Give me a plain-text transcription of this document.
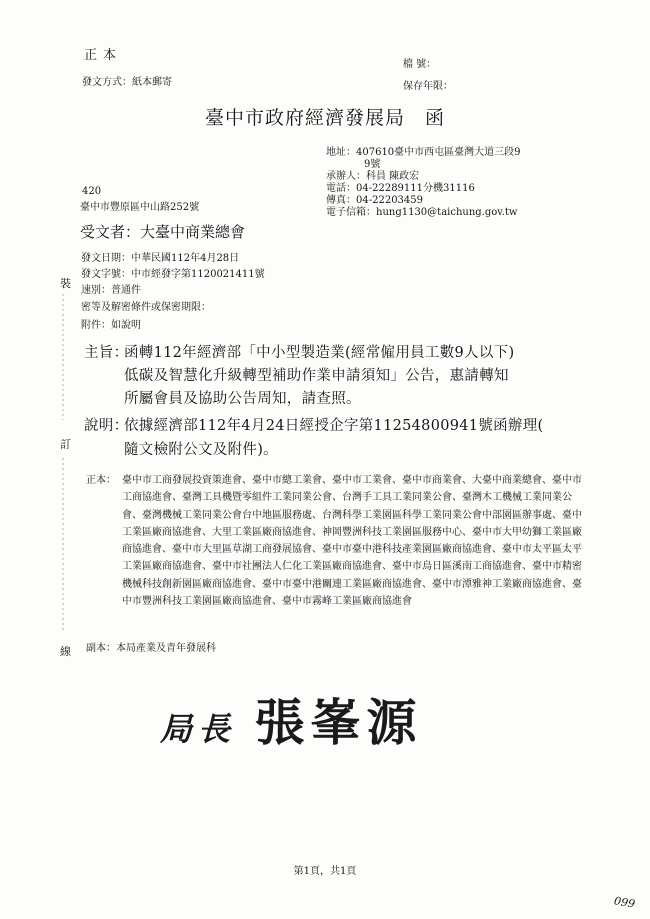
正本
發文方式：紙本郵寄
檔 號：
保存年限：
臺中市政府經濟發展局　函
地址：407610臺中市西屯區臺灣大道三段9
9號
承辦人：科員 陳政宏
電話：04-22289111分機31116
傳真：04-22203459
電子信箱：hung1130@taichung.gov.tw
420
臺中市豐原區中山路252號
受文者：大臺中商業總會
發文日期：中華民國112年4月28日
發文字號：中市經發字第1120021411號
速別：普通件
密等及解密條件或保密期限：
附件：如說明
主旨：
函轉112年經濟部「中小型製造業(經常僱用員工數9人以下)
低碳及智慧化升級轉型補助作業申請須知」公告，惠請轉知
所屬會員及協助公告周知，請查照。
說明：
依據經濟部112年4月24日經授企字第11254800941號函辦理(
隨文檢附公文及附件)。
正本： 臺中市工商發展投資策進會、臺中市總工業會、臺中市工業會、臺中市商業會、大臺中商業總會、臺中市工商協進會、臺灣工具機暨零組件工業同業公會、台灣手工具工業同業公會、臺灣木工機械工業同業公會、臺灣機械工業同業公會台中地區服務處、台灣科學工業園區科學工業同業公會中部園區辦事處、臺中工業區廠商協進會、大里工業區廠商協進會、神岡豐洲科技工業園區服務中心、臺中市大甲幼獅工業區廠商協進會、臺中市大里區草湖工商發展協會、臺中市臺中港科技產業園區廠商協進會、臺中市太平區太平工業區廠商協進會、臺中市社團法人仁化工業區廠商協進會、臺中市烏日區溪南工商協進會、臺中市精密機械科技創新園區廠商協進會、臺中市臺中港關連工業區廠商協進會、臺中市潭雅神工業廠商協進會、臺中市豐洲科技工業園區廠商協進會、臺中市霧峰工業區廠商協進會
副本：本局產業及青年發展科
裝
訂
線
局長 張峯源
第1頁，共1頁
099
